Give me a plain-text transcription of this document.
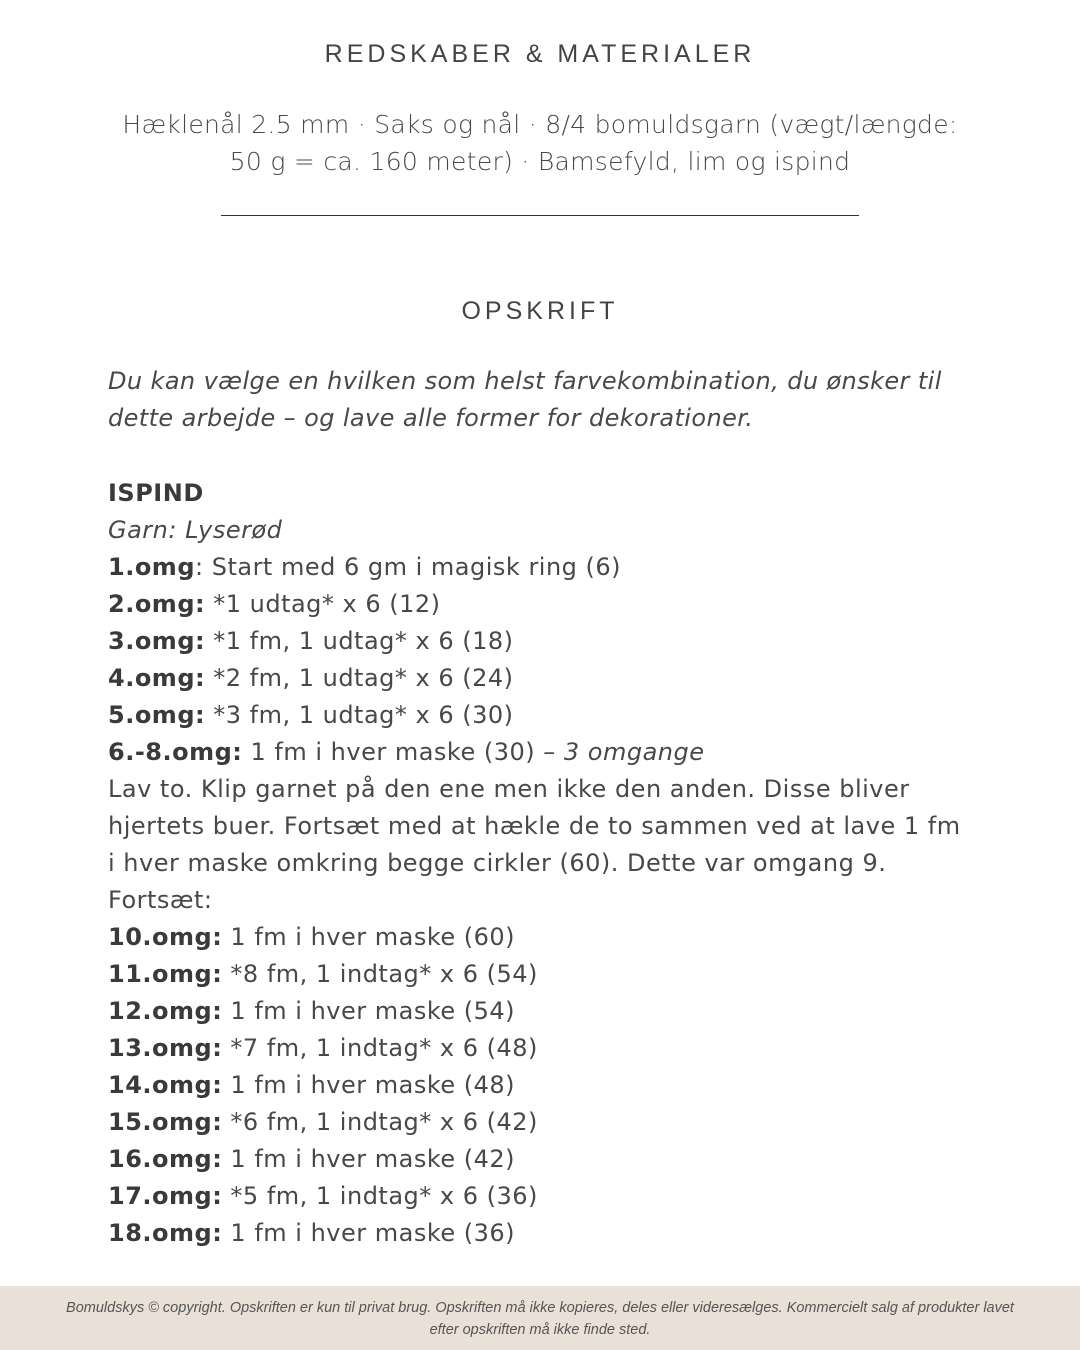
REDSKABER & MATERIALER
Hæklenål 2.5 mm · Saks og nål · 8/4 bomuldsgarn (vægt/længde:
50 g = ca. 160 meter) · Bamsefyld, lim og ispind
OPSKRIFT
Du kan vælge en hvilken som helst farvekombination, du ønsker til
dette arbejde – og lave alle former for dekorationer.
ISPIND
Garn: Lyserød
1.omg: Start med 6 gm i magisk ring (6)
2.omg: *1 udtag* x 6 (12)
3.omg: *1 fm, 1 udtag* x 6 (18)
4.omg: *2 fm, 1 udtag* x 6 (24)
5.omg: *3 fm, 1 udtag* x 6 (30)
6.-8.omg: 1 fm i hver maske (30) – 3 omgange
Lav to. Klip garnet på den ene men ikke den anden. Disse bliver
hjertets buer. Fortsæt med at hækle de to sammen ved at lave 1 fm
i hver maske omkring begge cirkler (60). Dette var omgang 9.
Fortsæt:
10.omg: 1 fm i hver maske (60)
11.omg: *8 fm, 1 indtag* x 6 (54)
12.omg: 1 fm i hver maske (54)
13.omg: *7 fm, 1 indtag* x 6 (48)
14.omg: 1 fm i hver maske (48)
15.omg: *6 fm, 1 indtag* x 6 (42)
16.omg: 1 fm i hver maske (42)
17.omg: *5 fm, 1 indtag* x 6 (36)
18.omg: 1 fm i hver maske (36)
Bomuldskys © copyright. Opskriften er kun til privat brug. Opskriften må ikke kopieres, deles eller videresælges. Kommercielt salg af produkter lavet
efter opskriften må ikke finde sted.
